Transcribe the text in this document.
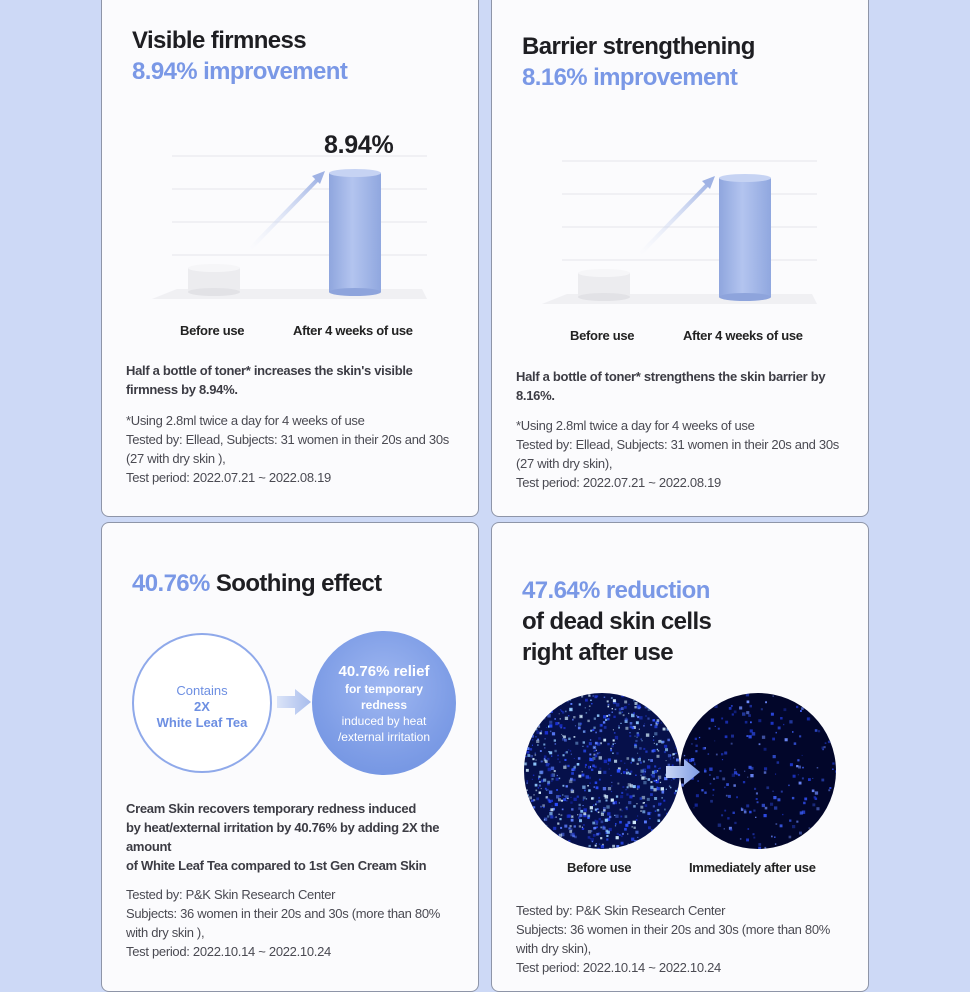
Visible firmness
8.94% improvement
8.94%
Before use	After 4 weeks of use
Half a bottle of toner* increases the skin's visible firmness by 8.94%.
*Using 2.8ml twice a day for 4 weeks of use
Tested by: Ellead, Subjects: 31 women in their 20s and 30s (27 with dry skin ),
Test period: 2022.07.21 ~ 2022.08.19
Barrier strengthening
8.16% improvement
Before use	After 4 weeks of use
Half a bottle of toner* strengthens the skin barrier by 8.16%.
*Using 2.8ml twice a day for 4 weeks of use
Tested by: Ellead, Subjects: 31 women in their 20s and 30s (27 with dry skin),
Test period: 2022.07.21 ~ 2022.08.19
40.76% Soothing effect
Contains
2X
White Leaf Tea
40.76% relief
for temporary
redness
induced by heat
/external irritation
Cream Skin recovers temporary redness induced
by heat/external irritation by 40.76% by adding 2X the amount
of White Leaf Tea compared to 1st Gen Cream Skin
Tested by: P&K Skin Research Center
Subjects: 36 women in their 20s and 30s (more than 80% with dry skin ),
Test period: 2022.10.14 ~ 2022.10.24
47.64% reduction
of dead skin cells
right after use
Before use	Immediately after use
Tested by: P&K Skin Research Center
Subjects: 36 women in their 20s and 30s (more than 80% with dry skin),
Test period: 2022.10.14 ~ 2022.10.24
